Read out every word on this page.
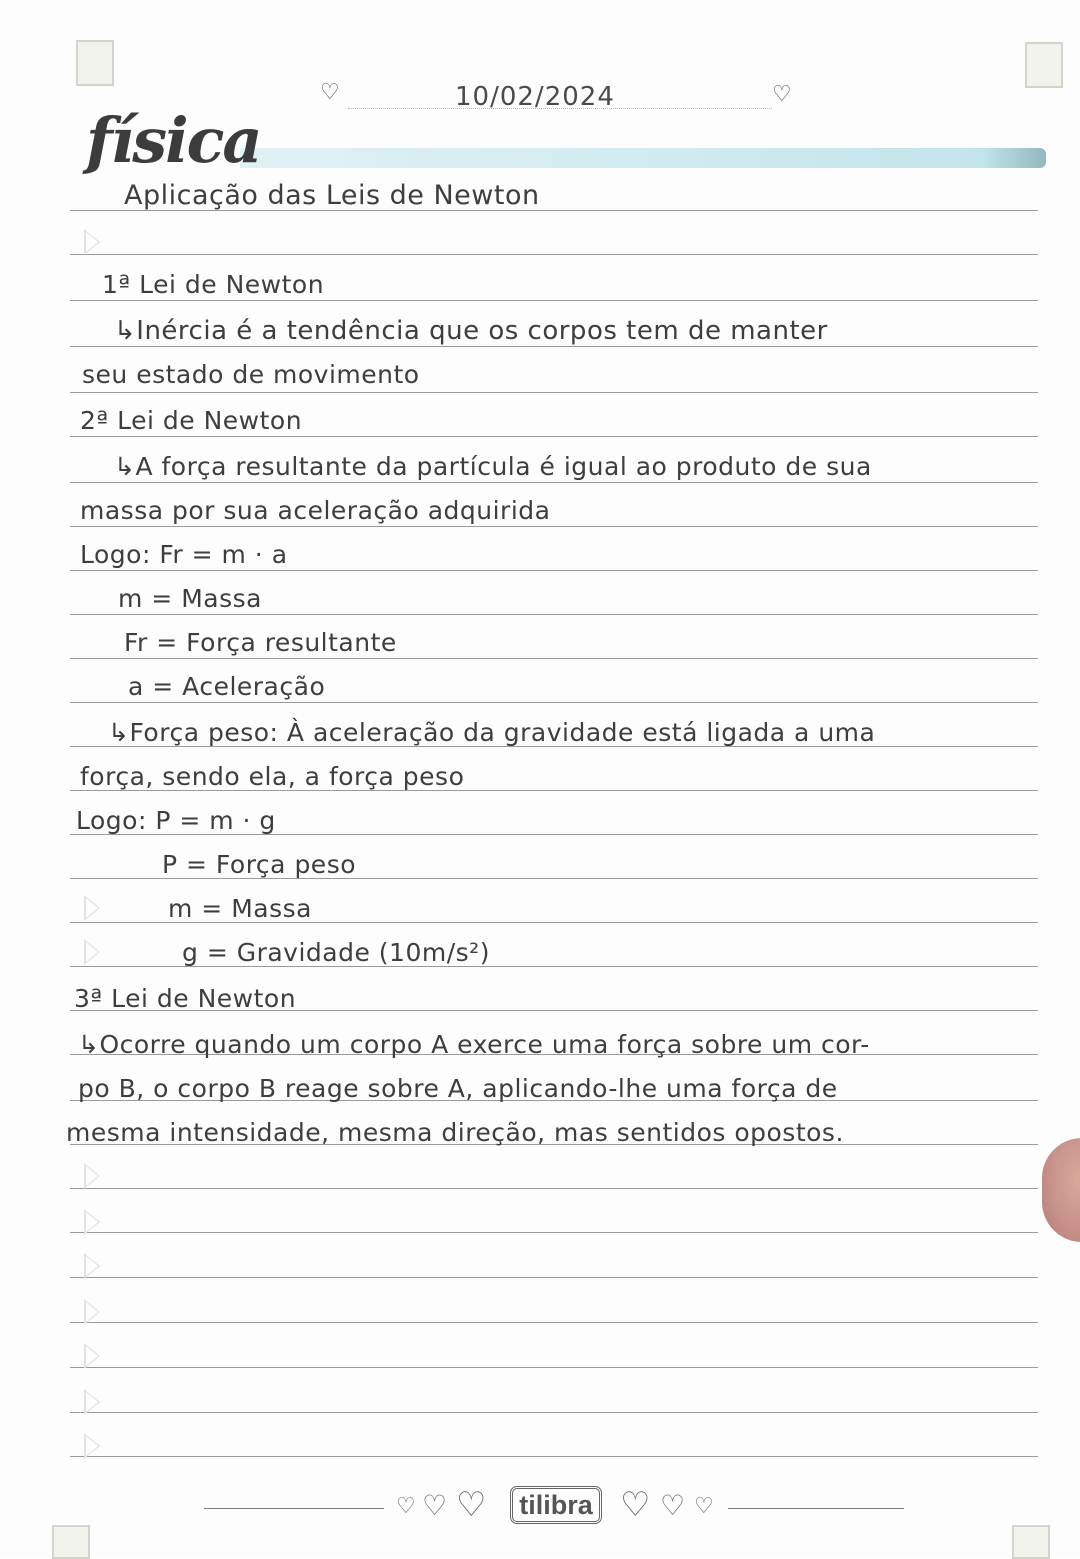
♡	10/02/2024	♡
física
Aplicação das Leis de Newton
1ª Lei de Newton
↳Inércia é a tendência que os corpos tem de manter
seu estado de movimento
2ª Lei de Newton
↳A força resultante da partícula é igual ao produto de sua
massa por sua aceleração adquirida
Logo: Fr = m · a
m = Massa
Fr = Força resultante
a = Aceleração
↳Força peso: À aceleração da gravidade está ligada a uma
força, sendo ela, a força peso
Logo: P = m · g
P = Força peso
m = Massa
g = Gravidade (10m/s²)
3ª Lei de Newton
↳Ocorre quando um corpo A exerce uma força sobre um cor-
po B, o corpo B reage sobre A, aplicando-lhe uma força de
mesma intensidade, mesma direção, mas sentidos opostos.
♡ ♡ ♡	tilibra ♡ ♡ ♡
